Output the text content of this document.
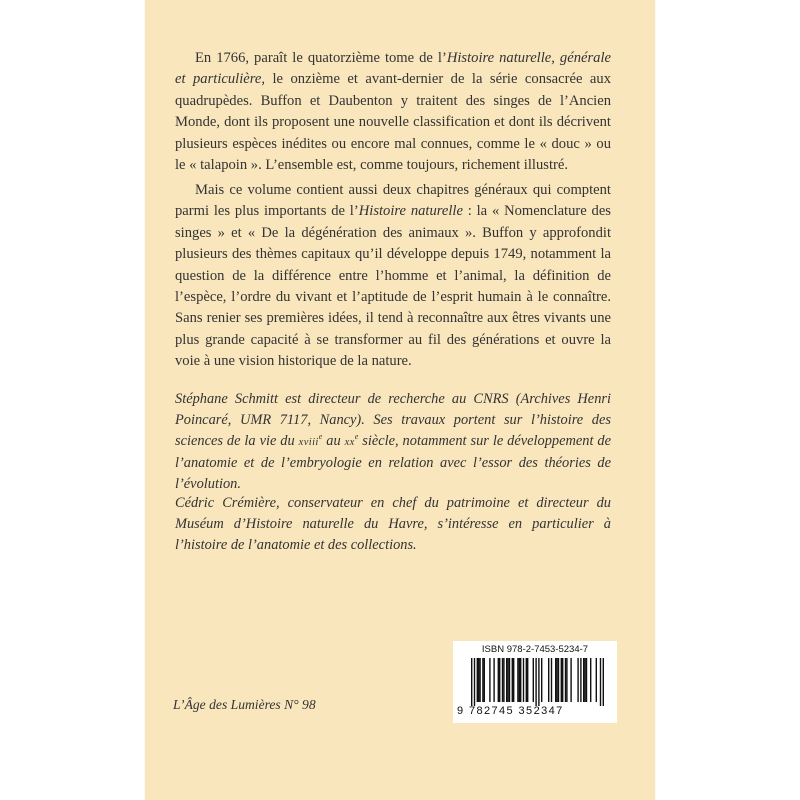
En 1766, paraît le quatorzième tome de l’Histoire naturelle, générale et particulière, le onzième et avant-dernier de la série consacrée aux quadrupèdes. Buffon et Daubenton y traitent des singes de l’Ancien Monde, dont ils proposent une nouvelle classification et dont ils décrivent plusieurs espèces inédites ou encore mal connues, comme le « douc » ou le « talapoin ». L’ensemble est, comme toujours, richement illustré.

Mais ce volume contient aussi deux chapitres généraux qui comptent parmi les plus importants de l’Histoire naturelle : la « Nomenclature des singes » et « De la dégénération des animaux ». Buffon y approfondit plusieurs des thèmes capitaux qu’il développe depuis 1749, notamment la question de la différence entre l’homme et l’animal, la définition de l’espèce, l’ordre du vivant et l’aptitude de l’esprit humain à le connaître. Sans renier ses premières idées, il tend à reconnaître aux êtres vivants une plus grande capacité à se transformer au fil des générations et ouvre la voie à une vision historique de la nature.

Stéphane Schmitt est directeur de recherche au CNRS (Archives Henri Poincaré, UMR 7117, Nancy). Ses travaux portent sur l’histoire des sciences de la vie du xviii$^e$ au $xx^e$ siècle, notamment sur le développement de l’anatomie et de l’embryologie en relation avec l’essor des théories de l’évolution.

Cédric Crémière, conservateur en chef du patrimoine et directeur du Muséum d’Histoire naturelle du Havre, s’intéresse en particulier à l’histoire de l’anatomie et des collections.

L’Âge des Lumières N° 98
ISBN 978-2-7453-5234-7
9 782745 352347
